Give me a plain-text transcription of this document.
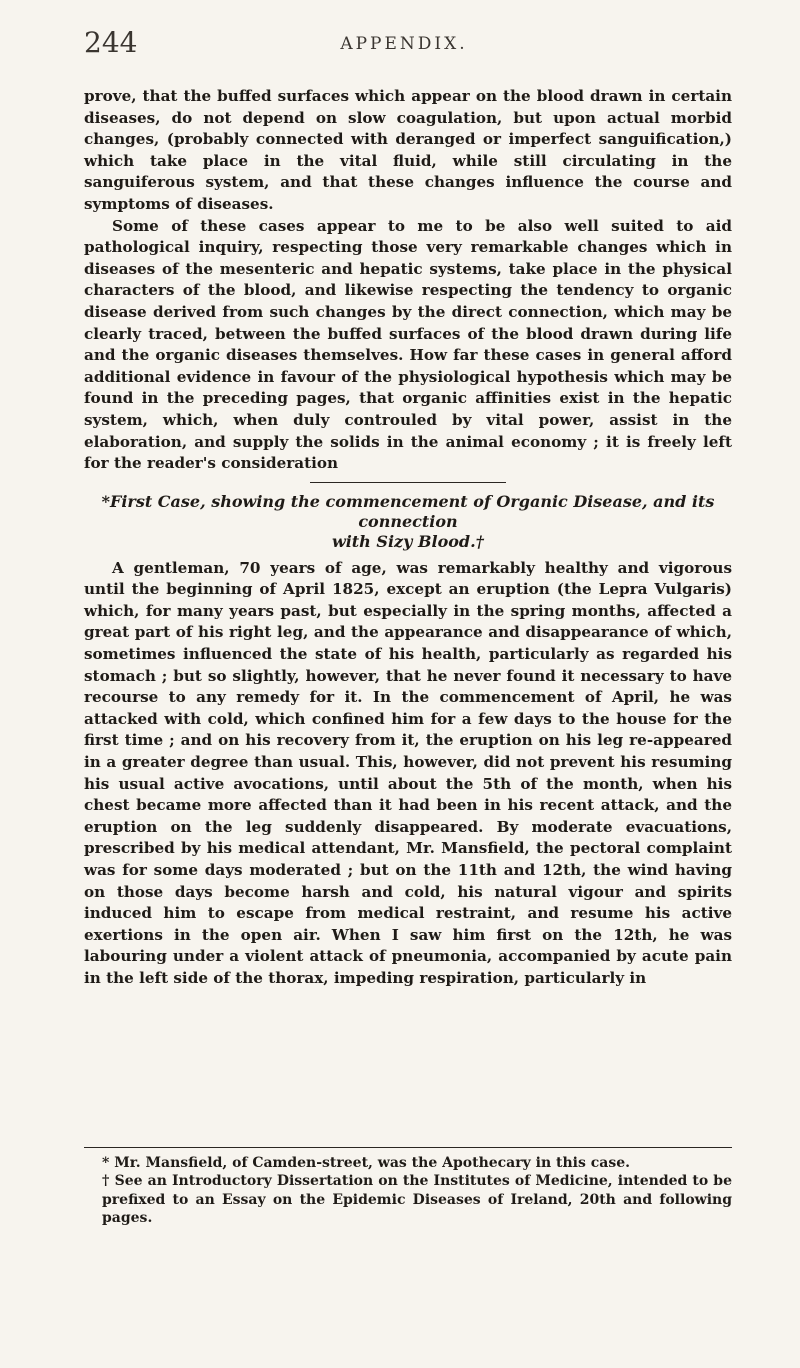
244	APPENDIX.

prove, that the buffed surfaces which appear on the blood drawn in certain diseases, do not depend on slow coagulation, but upon actual morbid changes, (probably connected with deranged or imperfect sanguification,) which take place in the vital fluid, while still circulating in the sanguiferous system, and that these changes influence the course and symptoms of diseases.

Some of these cases appear to me to be also well suited to aid pathological inquiry, respecting those very remarkable changes which in diseases of the mesenteric and hepatic systems, take place in the physical characters of the blood, and likewise respecting the tendency to organic disease derived from such changes by the direct connection, which may be clearly traced, between the buffed surfaces of the blood drawn during life and the organic diseases themselves. How far these cases in general afford additional evidence in favour of the physiological hypothesis which may be found in the preceding pages, that organic affinities exist in the hepatic system, which, when duly controuled by vital power, assist in the elaboration, and supply the solids in the animal economy ; it is freely left for the reader's consideration

*First Case, showing the commencement of Organic Disease, and its connection
with Sizy Blood.†

A gentleman, 70 years of age, was remarkably healthy and vigorous until the beginning of April 1825, except an eruption (the Lepra Vulgaris) which, for many years past, but especially in the spring months, affected a great part of his right leg, and the appearance and disappearance of which, sometimes influenced the state of his health, particularly as regarded his stomach ; but so slightly, however, that he never found it necessary to have recourse to any remedy for it. In the commencement of April, he was attacked with cold, which confined him for a few days to the house for the first time ; and on his recovery from it, the eruption on his leg re-appeared in a greater degree than usual. This, however, did not prevent his resuming his usual active avocations, until about the 5th of the month, when his chest became more affected than it had been in his recent attack, and the eruption on the leg suddenly disappeared. By moderate evacuations, prescribed by his medical attendant, Mr. Mansfield, the pectoral complaint was for some days moderated ; but on the 11th and 12th, the wind having on those days become harsh and cold, his natural vigour and spirits induced him to escape from medical restraint, and resume his active exertions in the open air. When I saw him first on the 12th, he was labouring under a violent attack of pneumonia, accompanied by acute pain in the left side of the thorax, impeding respiration, particularly in

* Mr. Mansfield, of Camden-street, was the Apothecary in this case.

† See an Introductory Dissertation on the Institutes of Medicine, intended to be prefixed to an Essay on the Epidemic Diseases of Ireland, 20th and following pages.
